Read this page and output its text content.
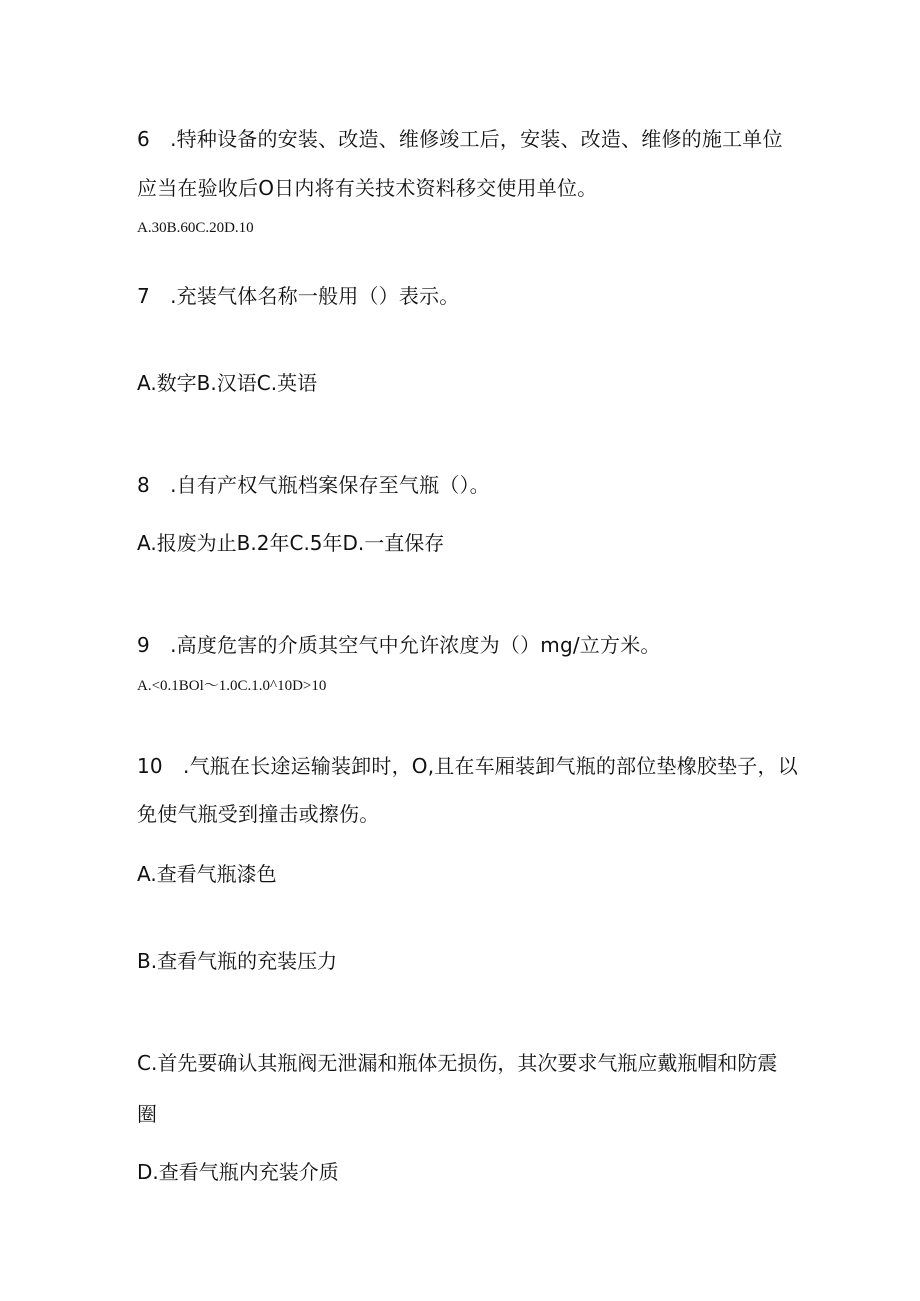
6　.特种设备的安装、改造、维修竣工后，安装、改造、维修的施工单位
应当在验收后O日内将有关技术资料移交使用单位。
A.30B.60C.20D.10
7　.充装气体名称一般用（）表示。
A.数字B.汉语C.英语
8　.自有产权气瓶档案保存至气瓶（）。
A.报废为止B.2年C.5年D.一直保存
9　.高度危害的介质其空气中允许浓度为（）mg/立方米。
A.<0.1BOl～1.0C.1.0^10D>10
10　.气瓶在长途运输装卸时，O,且在车厢装卸气瓶的部位垫橡胶垫子，以
免使气瓶受到撞击或擦伤。
A.查看气瓶漆色
B.查看气瓶的充装压力
C.首先要确认其瓶阀无泄漏和瓶体无损伤，其次要求气瓶应戴瓶帽和防震
圈
D.查看气瓶内充装介质
